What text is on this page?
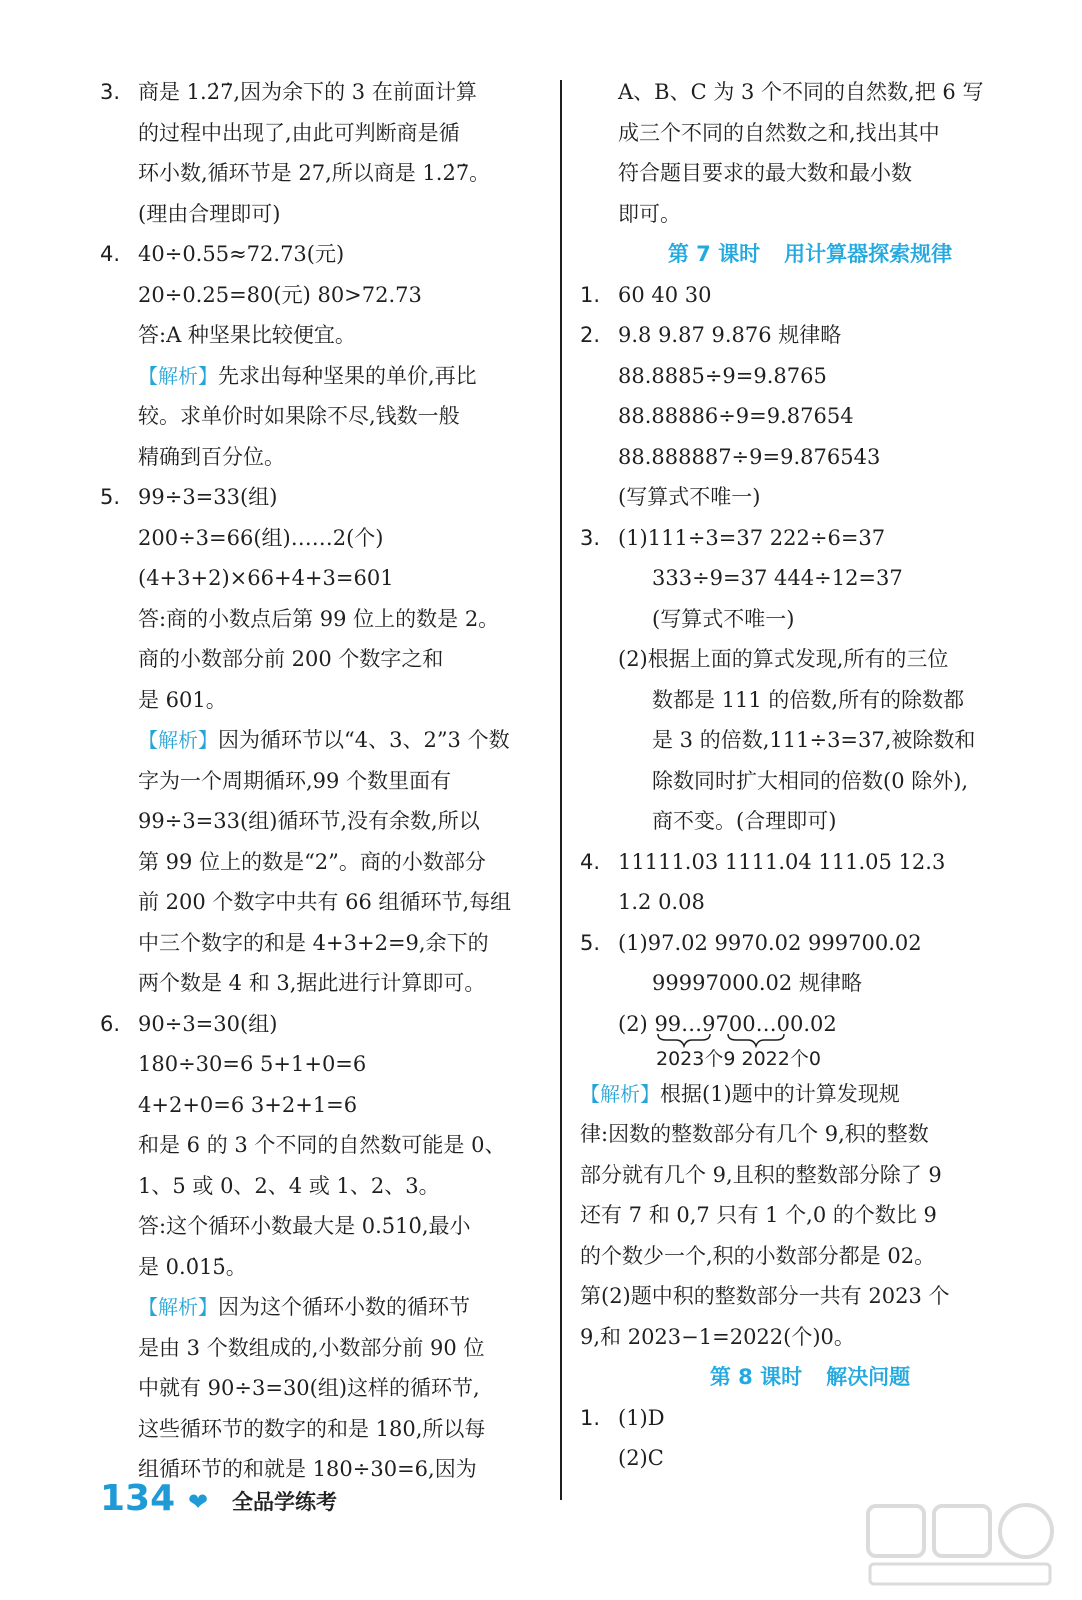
3. 商是 1.2̇7̇,因为余下的 3 在前面计算
的过程中出现了,由此可判断商是循
环小数,循环节是 27,所以商是 1.2̇7̇。
(理由合理即可)
4. 40÷0.55≈72.73(元)
20÷0.25=80(元) 80>72.73
答:A 种坚果比较便宜。
【解析】先求出每种坚果的单价,再比
较。求单价时如果除不尽,钱数一般
精确到百分位。
5. 99÷3=33(组)
200÷3=66(组)……2(个)
(4+3+2)×66+4+3=601
答:商的小数点后第 99 位上的数是 2。
商的小数部分前 200 个数字之和
是 601。
【解析】因为循环节以“4、3、2”3 个数
字为一个周期循环,99 个数里面有
99÷3=33(组)循环节,没有余数,所以
第 99 位上的数是“2”。商的小数部分
前 200 个数字中共有 66 组循环节,每组
中三个数字的和是 4+3+2=9,余下的
两个数是 4 和 3,据此进行计算即可。
6. 90÷3=30(组)
180÷30=6 5+1+0=6
4+2+0=6 3+2+1=6
和是 6 的 3 个不同的自然数可能是 0、
1、5 或 0、2、4 或 1、2、3。
答:这个循环小数最大是 0.5̇10̇,最小
是 0.0̇15̇。
【解析】因为这个循环小数的循环节
是由 3 个数组成的,小数部分前 90 位
中就有 90÷3=30(组)这样的循环节,
这些循环节的数字的和是 180,所以每
组循环节的和就是 180÷30=6,因为
A、B、C 为 3 个不同的自然数,把 6 写
成三个不同的自然数之和,找出其中
符合题目要求的最大数和最小数
即可。
第 7 课时 用计算器探索规律
1. 60 40 30
2. 9.8 9.87 9.876 规律略
88.8885÷9=9.8765
88.88886÷9=9.87654
88.888887÷9=9.876543
(写算式不唯一)
3. (1)111÷3=37 222÷6=37
333÷9=37 444÷12=37
(写算式不唯一)
(2)根据上面的算式发现,所有的三位
数都是 111 的倍数,所有的除数都
是 3 的倍数,111÷3=37,被除数和
除数同时扩大相同的倍数(0 除外),
商不变。(合理即可)
4. 11111.03 1111.04 111.05 12.3
1.2 0.08
5. (1)97.02 9970.02 999700.02
99997000.02 规律略
(2) 99…9700…00.02
2023个9 2022个0
【解析】根据(1)题中的计算发现规
律:因数的整数部分有几个 9,积的整数
部分就有几个 9,且积的整数部分除了 9
还有 7 和 0,7 只有 1 个,0 的个数比 9
的个数少一个,积的小数部分都是 02。
第(2)题中积的整数部分一共有 2023 个
9,和 2023−1=2022(个)0。
第 8 课时 解决问题
1. (1)D
(2)C
134 ❤ 全品学练考
